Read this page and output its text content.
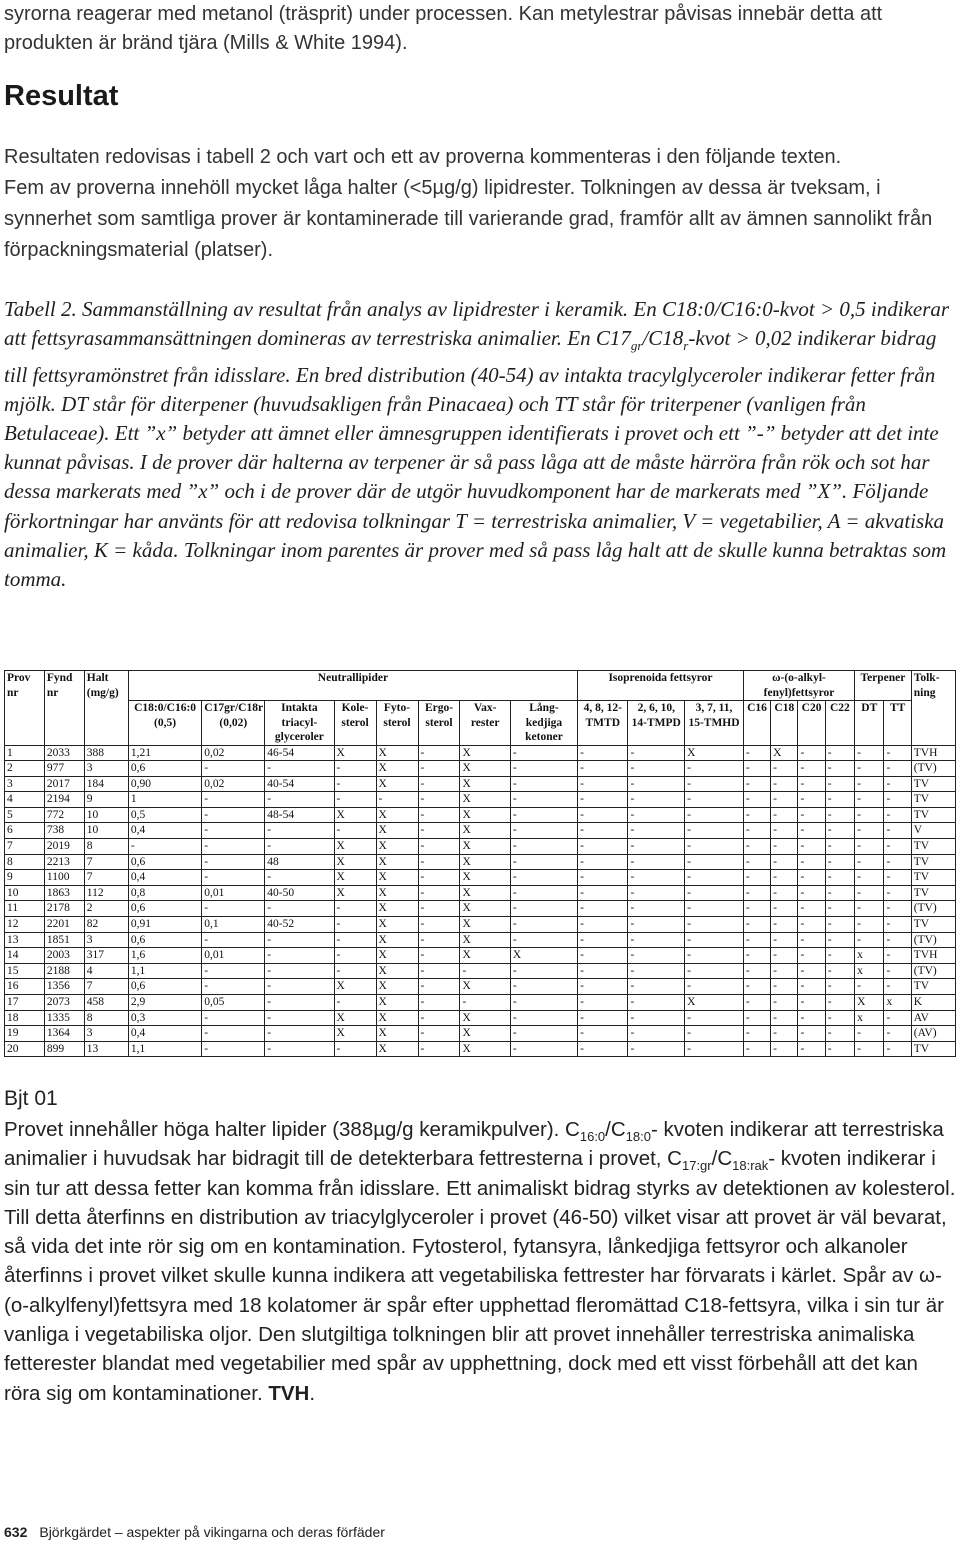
syrorna reagerar med metanol (träsprit) under processen. Kan metylestrar påvisas innebär detta att produkten är bränd tjära (Mills & White 1994).

Resultat
Resultaten redovisas i tabell 2 och vart och ett av proverna kommenteras i den följande texten.
Fem av proverna innehöll mycket låga halter (<5µg/g) lipidrester. Tolkningen av dessa är tveksam, i synnerhet som samtliga prover är kontaminerade till varierande grad, framför allt av ämnen sannolikt från förpackningsmaterial (platser).

Tabell 2. Sammanställning av resultat från analys av lipidrester i keramik. En C18:0/C16:0-kvot > 0,5 indikerar att fettsyrasammansättningen domineras av terrestriska animalier. En $C17_{gr}/C18_r$-kvot > 0,02 indikerar bidrag till fettsyramönstret från idisslare. En bred distribution (40-54) av intakta tracylglyceroler indikerar fetter från mjölk. DT står för diterpener (huvudsakligen från Pinacaea) och TT står för triterpener (vanligen från Betulaceae). Ett ”x” betyder att ämnet eller ämnesgruppen identifierats i provet och ett ”-” betyder att det inte kunnat påvisas. I de prover där halterna av terpener är så pass låga att de måste härröra från rök och sot har dessa markerats med ”x” och i de prover där de utgör huvudkomponent har de markerats med ”X”. Följande förkortningar har använts för att redovisa tolkningar T = terrestriska animalier, V = vegetabilier, A = akvatiska animalier, K = kåda. Tolkningar inom parentes är prover med så pass låg halt att de skulle kunna betraktas som tomma.

Prov nr	Fynd nr	Halt (mg/g)	Neutrallipider								Isoprenoida fettsyror			ω-(o-alkyl-fenyl)fettsyror				Terpener		Tolk-ning
			C18:0/C16:0 (0,5)	C17gr/C18r (0,02)	Intakta triacyl-glyceroler	Kole-sterol	Fyto-sterol	Ergo-sterol	Vax-rester	Lång-kedjiga ketoner	4, 8, 12-TMTD	2, 6, 10, 14-TMPD	3, 7, 11, 15-TMHD	C16	C18	C20	C22	DT	TT	
1	2033	388	1,21	0,02	46-54	X	X	-	X	-	-	-	X	-	X	-	-	-	-	TVH
2	977	3	0,6	-	-	-	X	-	X	-	-	-	-	-	-	-	-	-	-	(TV)
3	2017	184	0,90	0,02	40-54	-	X	-	X	-	-	-	-	-	-	-	-	-	-	TV
4	2194	9	1	-	-	-	-	-	X	-	-	-	-	-	-	-	-	-	-	TV
5	772	10	0,5	-	48-54	X	X	-	X	-	-	-	-	-	-	-	-	-	-	TV
6	738	10	0,4	-	-	-	X	-	X	-	-	-	-	-	-	-	-	-	-	V
7	2019	8	-	-	-	X	X	-	X	-	-	-	-	-	-	-	-	-	-	TV
8	2213	7	0,6	-	48	X	X	-	X	-	-	-	-	-	-	-	-	-	-	TV
9	1100	7	0,4	-	-	X	X	-	X	-	-	-	-	-	-	-	-	-	-	TV
10	1863	112	0,8	0,01	40-50	X	X	-	X	-	-	-	-	-	-	-	-	-	-	TV
11	2178	2	0,6	-	-	-	X	-	X	-	-	-	-	-	-	-	-	-	-	(TV)
12	2201	82	0,91	0,1	40-52	-	X	-	X	-	-	-	-	-	-	-	-	-	-	TV
13	1851	3	0,6	-	-	-	X	-	X	-	-	-	-	-	-	-	-	-	-	(TV)
14	2003	317	1,6	0,01	-	-	X	-	X	X	-	-	-	-	-	-	-	x	-	TVH
15	2188	4	1,1	-	-	-	X	-	-	-	-	-	-	-	-	-	-	x	-	(TV)
16	1356	7	0,6	-	-	X	X	-	X	-	-	-	-	-	-	-	-	-	-	TV
17	2073	458	2,9	0,05	-	-	X	-	-	-	-	-	X	-	-	-	-	X	x	K
18	1335	8	0,3	-	-	X	X	-	X	-	-	-	-	-	-	-	-	x	-	AV
19	1364	3	0,4	-	-	X	X	-	X	-	-	-	-	-	-	-	-	-	-	(AV)
20	899	13	1,1	-	-	-	X	-	X	-	-	-	-	-	-	-	-	-	-	TV
Bjt 01

Provet innehåller höga halter lipider (388µg/g keramikpulver). $C_{16:0}/C_{18:0}-$ kvoten indikerar att terrestriska animalier i huvudsak har bidragit till de detekterbara fettresterna i provet, $C_{17:gr}/C_{18:rak}-$ kvoten indikerar i sin tur att dessa fetter kan komma från idisslare. Ett animaliskt bidrag styrks av detektionen av kolesterol. Till detta återfinns en distribution av triacylglyceroler i provet (46-50) vilket visar att provet är väl bevarat, så vida det inte rör sig om en kontamination. Fytosterol, fytansyra, lånkedjiga fettsyror och alkanoler återfinns i provet vilket skulle kunna indikera att vegetabiliska fettrester har förvarats i kärlet. Spår av ω-(o-alkylfenyl)fettsyra med 18 kolatomer är spår efter upphettad fleromättad C18-fettsyra, vilka i sin tur är vanliga i vegetabiliska oljor. Den slutgiltiga tolkningen blir att provet innehåller terrestriska animaliska fetterester blandat med vegetabilier med spår av upphettning, dock med ett visst förbehåll att det kan röra sig om kontaminationer. TVH.

632 Björkgärdet – aspekter på vikingarna och deras förfäder
